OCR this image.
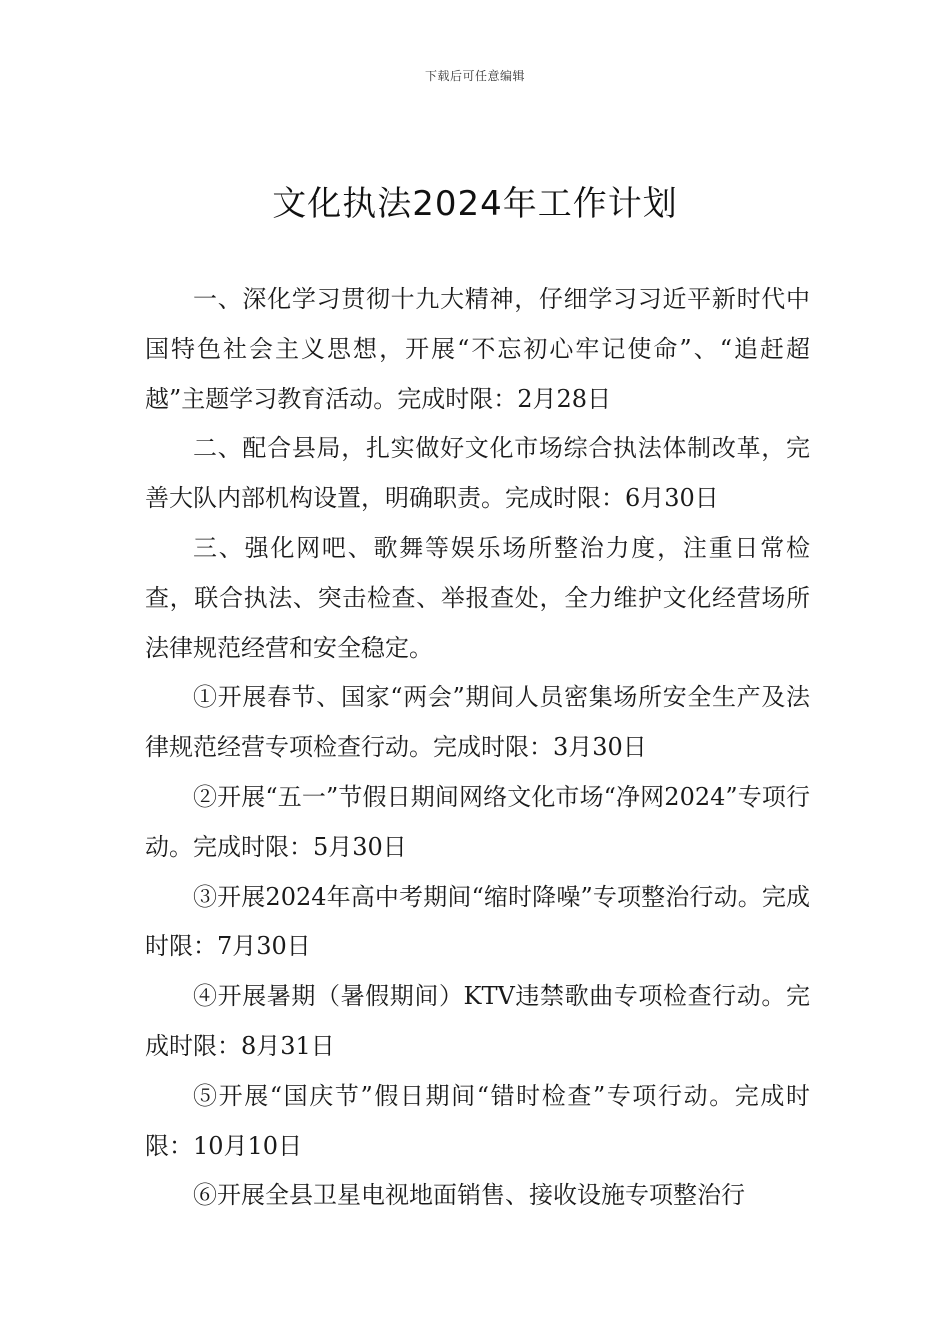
下载后可任意编辑
文化执法2024年工作计划

一、深化学习贯彻十九大精神，仔细学习习近平新时代中国特色社会主义思想，开展“不忘初心牢记使命”、“追赶超越”主题学习教育活动。完成时限：2月28日

二、配合县局，扎实做好文化市场综合执法体制改革，完善大队内部机构设置，明确职责。完成时限：6月30日

三、强化网吧、歌舞等娱乐场所整治力度，注重日常检查，联合执法、突击检查、举报查处，全力维护文化经营场所法律规范经营和安全稳定。

①开展春节、国家“两会”期间人员密集场所安全生产及法律规范经营专项检查行动。完成时限：3月30日

②开展“五一”节假日期间网络文化市场“净网2024”专项行动。完成时限：5月30日

③开展2024年高中考期间“缩时降噪”专项整治行动。完成时限：7月30日

④开展暑期（暑假期间）KTV违禁歌曲专项检查行动。完成时限：8月31日

⑤开展“国庆节”假日期间“错时检查”专项行动。完成时限：10月10日

⑥开展全县卫星电视地面销售、接收设施专项整治行
